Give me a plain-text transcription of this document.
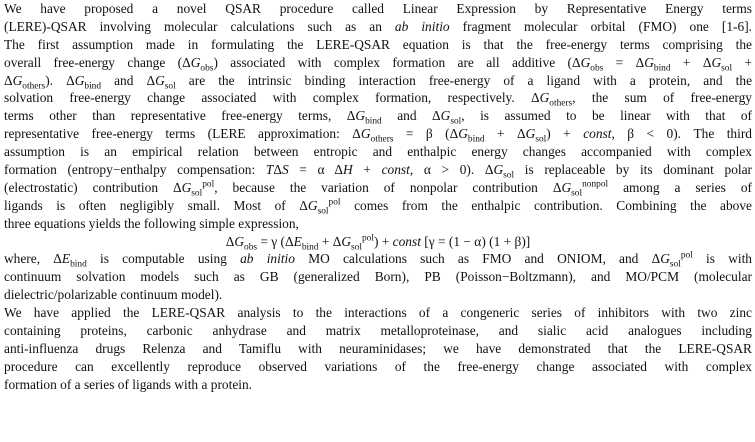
We have proposed a novel QSAR procedure called Linear Expression by Representative Energy terms
(LERE)-QSAR involving molecular calculations such as an ab initio fragment molecular orbital (FMO) one [1-6].
The first assumption made in formulating the LERE-QSAR equation is that the free-energy terms comprising the
overall free-energy change $(\Delta G_{obs})$ associated with complex formation are all additive ($\Delta G_{obs} = \Delta G_{bind} + \Delta G_{sol}$ +
$\Delta G_{others}$). $\Delta G_{bind}$ and $\Delta G_{sol}$ are the intrinsic binding interaction free-energy of a ligand with a protein, and the
solvation free-energy change associated with complex formation, respectively. $\Delta G_{others}$, the sum of free-energy
terms other than representative free-energy terms, $\Delta G_{bind}$ and $\Delta G_{sol}$, is assumed to be linear with that of
representative free-energy terms (LERE approximation: $\Delta G_{others} = \beta$ $(\Delta G_{bind} + \Delta G_{sol})$ + const, β < 0). The third
assumption is an empirical relation between entropic and enthalpic energy changes accompanied with complex
formation (entropy−enthalpy compensation: TΔS = α ΔH + const, α > 0). $\Delta G_{sol}$ is replaceable by its dominant polar
(electrostatic) contribution $\Delta G_{sol}^{pol}$, because the variation of nonpolar contribution $\Delta G_{sol}^{nonpol}$ among a series of
ligands is often negligibly small. Most of $\Delta G_{sol}^{pol}$ comes from the enthalpic contribution. Combining the above
three equations yields the following simple expression,
$\Delta G_{obs} = \gamma$ $(\Delta E_{bind} + \Delta G_{sol}^{pol})$ + const [γ = (1 − α) (1 + β)]
where, $\Delta E_{bind}$ is computable using ab initio MO calculations such as FMO and ONIOM, and $\Delta G_{sol}^{pol}$ is with
continuum solvation models such as GB (generalized Born), PB (Poisson−Boltzmann), and MO/PCM (molecular
dielectric/polarizable continuum model).
We have applied the LERE-QSAR analysis to the interactions of a congeneric series of inhibitors with two zinc
containing proteins, carbonic anhydrase and matrix metalloproteinase, and sialic acid analogues including
anti-influenza drugs Relenza and Tamiflu with neuraminidases; we have demonstrated that the LERE-QSAR
procedure can excellently reproduce observed variations of the free-energy change associated with complex
formation of a series of ligands with a protein.
